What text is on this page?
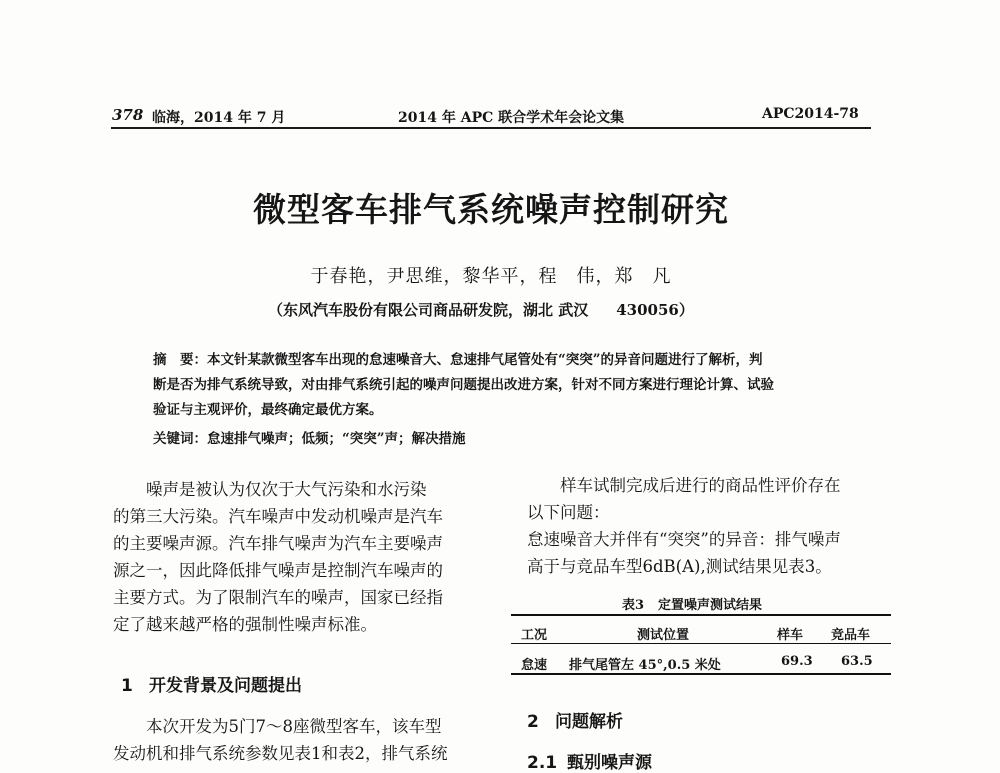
378 临海，2014 年 7 月	2014 年 APC 联合学术年会论文集	APC2014-78
微型客车排气系统噪声控制研究
于春艳，尹思维，黎华平，程　伟，郑　凡
（东风汽车股份有限公司商品研发院，湖北 武汉 430056）
摘　要：本文针某款微型客车出现的怠速噪音大、怠速排气尾管处有“突突”的异音问题进行了解析，判
断是否为排气系统导致，对由排气系统引起的噪声问题提出改进方案，针对不同方案进行理论计算、试验
验证与主观评价，最终确定最优方案。
关键词：怠速排气噪声；低频；“突突”声；解决措施
　　噪声是被认为仅次于大气污染和水污染
的第三大污染。汽车噪声中发动机噪声是汽车
的主要噪声源。汽车排气噪声为汽车主要噪声
源之一，因此降低排气噪声是控制汽车噪声的
主要方式。为了限制汽车的噪声，国家已经指
定了越来越严格的强制性噪声标准。
1 开发背景及问题提出
　　本次开发为5门7～8座微型客车，该车型
发动机和排气系统参数见表1和表2，排气系统
　　样车试制完成后进行的商品性评价存在
以下问题：
怠速噪音大并伴有“突突”的异音：排气噪声
高于与竞品车型6dB(A),测试结果见表3。
表3 定置噪声测试结果
工况	测试位置	样车 竞品车
怠速 排气尾管左 45°,0.5 米处	69.3 63.5
2 问题解析
2.1 甄别噪声源
